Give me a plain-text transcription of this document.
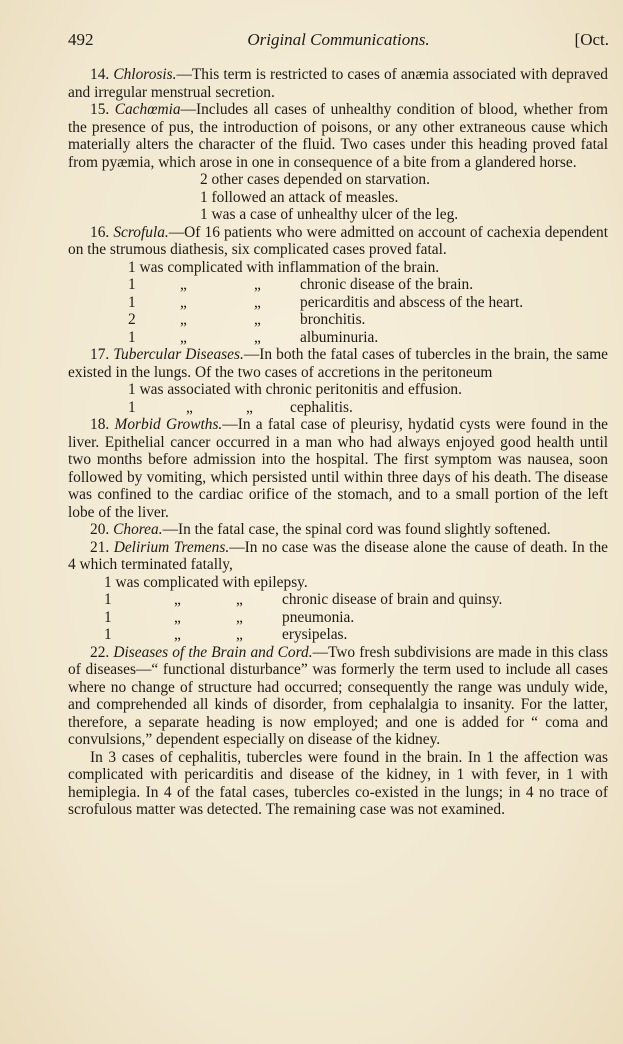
492	Original Communications.	[Oct.

14. Chlorosis.—This term is restricted to cases of anæmia associated with depraved and irregular menstrual secretion.

15. Cachœmia—Includes all cases of unhealthy condition of blood, whether from the presence of pus, the introduction of poisons, or any other extraneous cause which materially alters the character of the fluid. Two cases under this heading proved fatal from pyæmia, which arose in one in consequence of a bite from a glandered horse.

2 other cases depended on starvation.
1 followed an attack of measles.
1 was a case of unhealthy ulcer of the leg.

16. Scrofula.—Of 16 patients who were admitted on account of cachexia dependent on the strumous diathesis, six complicated cases proved fatal.

1 was complicated with inflammation of the brain.
1	„	„	chronic disease of the brain.
1	„	„	pericarditis and abscess of the heart.
2	„	„	bronchitis.
1	„	„	albuminuria.

17. Tubercular Diseases.—In both the fatal cases of tubercles in the brain, the same existed in the lungs. Of the two cases of accretions in the peritoneum

1 was associated with chronic peritonitis and effusion.
1	„	„ cephalitis.

18. Morbid Growths.—In a fatal case of pleurisy, hydatid cysts were found in the liver. Epithelial cancer occurred in a man who had always enjoyed good health until two months before admission into the hospital. The first symptom was nausea, soon followed by vomiting, which persisted until within three days of his death. The disease was confined to the cardiac orifice of the stomach, and to a small portion of the left lobe of the liver.

20. Chorea.—In the fatal case, the spinal cord was found slightly softened.

21. Delirium Tremens.—In no case was the disease alone the cause of death. In the 4 which terminated fatally,

1 was complicated with epilepsy.
1	„	„	chronic disease of brain and quinsy.
1	„	„	pneumonia.
1	„	„	erysipelas.

22. Diseases of the Brain and Cord.—Two fresh subdivisions are made in this class of diseases—“ functional disturbance” was formerly the term used to include all cases where no change of structure had occurred; consequently the range was unduly wide, and comprehended all kinds of disorder, from cephalalgia to insanity. For the latter, therefore, a separate heading is now employed; and one is added for “ coma and convulsions,” dependent especially on disease of the kidney.

In 3 cases of cephalitis, tubercles were found in the brain. In 1 the affection was complicated with pericarditis and disease of the kidney, in 1 with fever, in 1 with hemiplegia. In 4 of the fatal cases, tubercles co-existed in the lungs; in 4 no trace of scrofulous matter was detected. The remaining case was not examined.
